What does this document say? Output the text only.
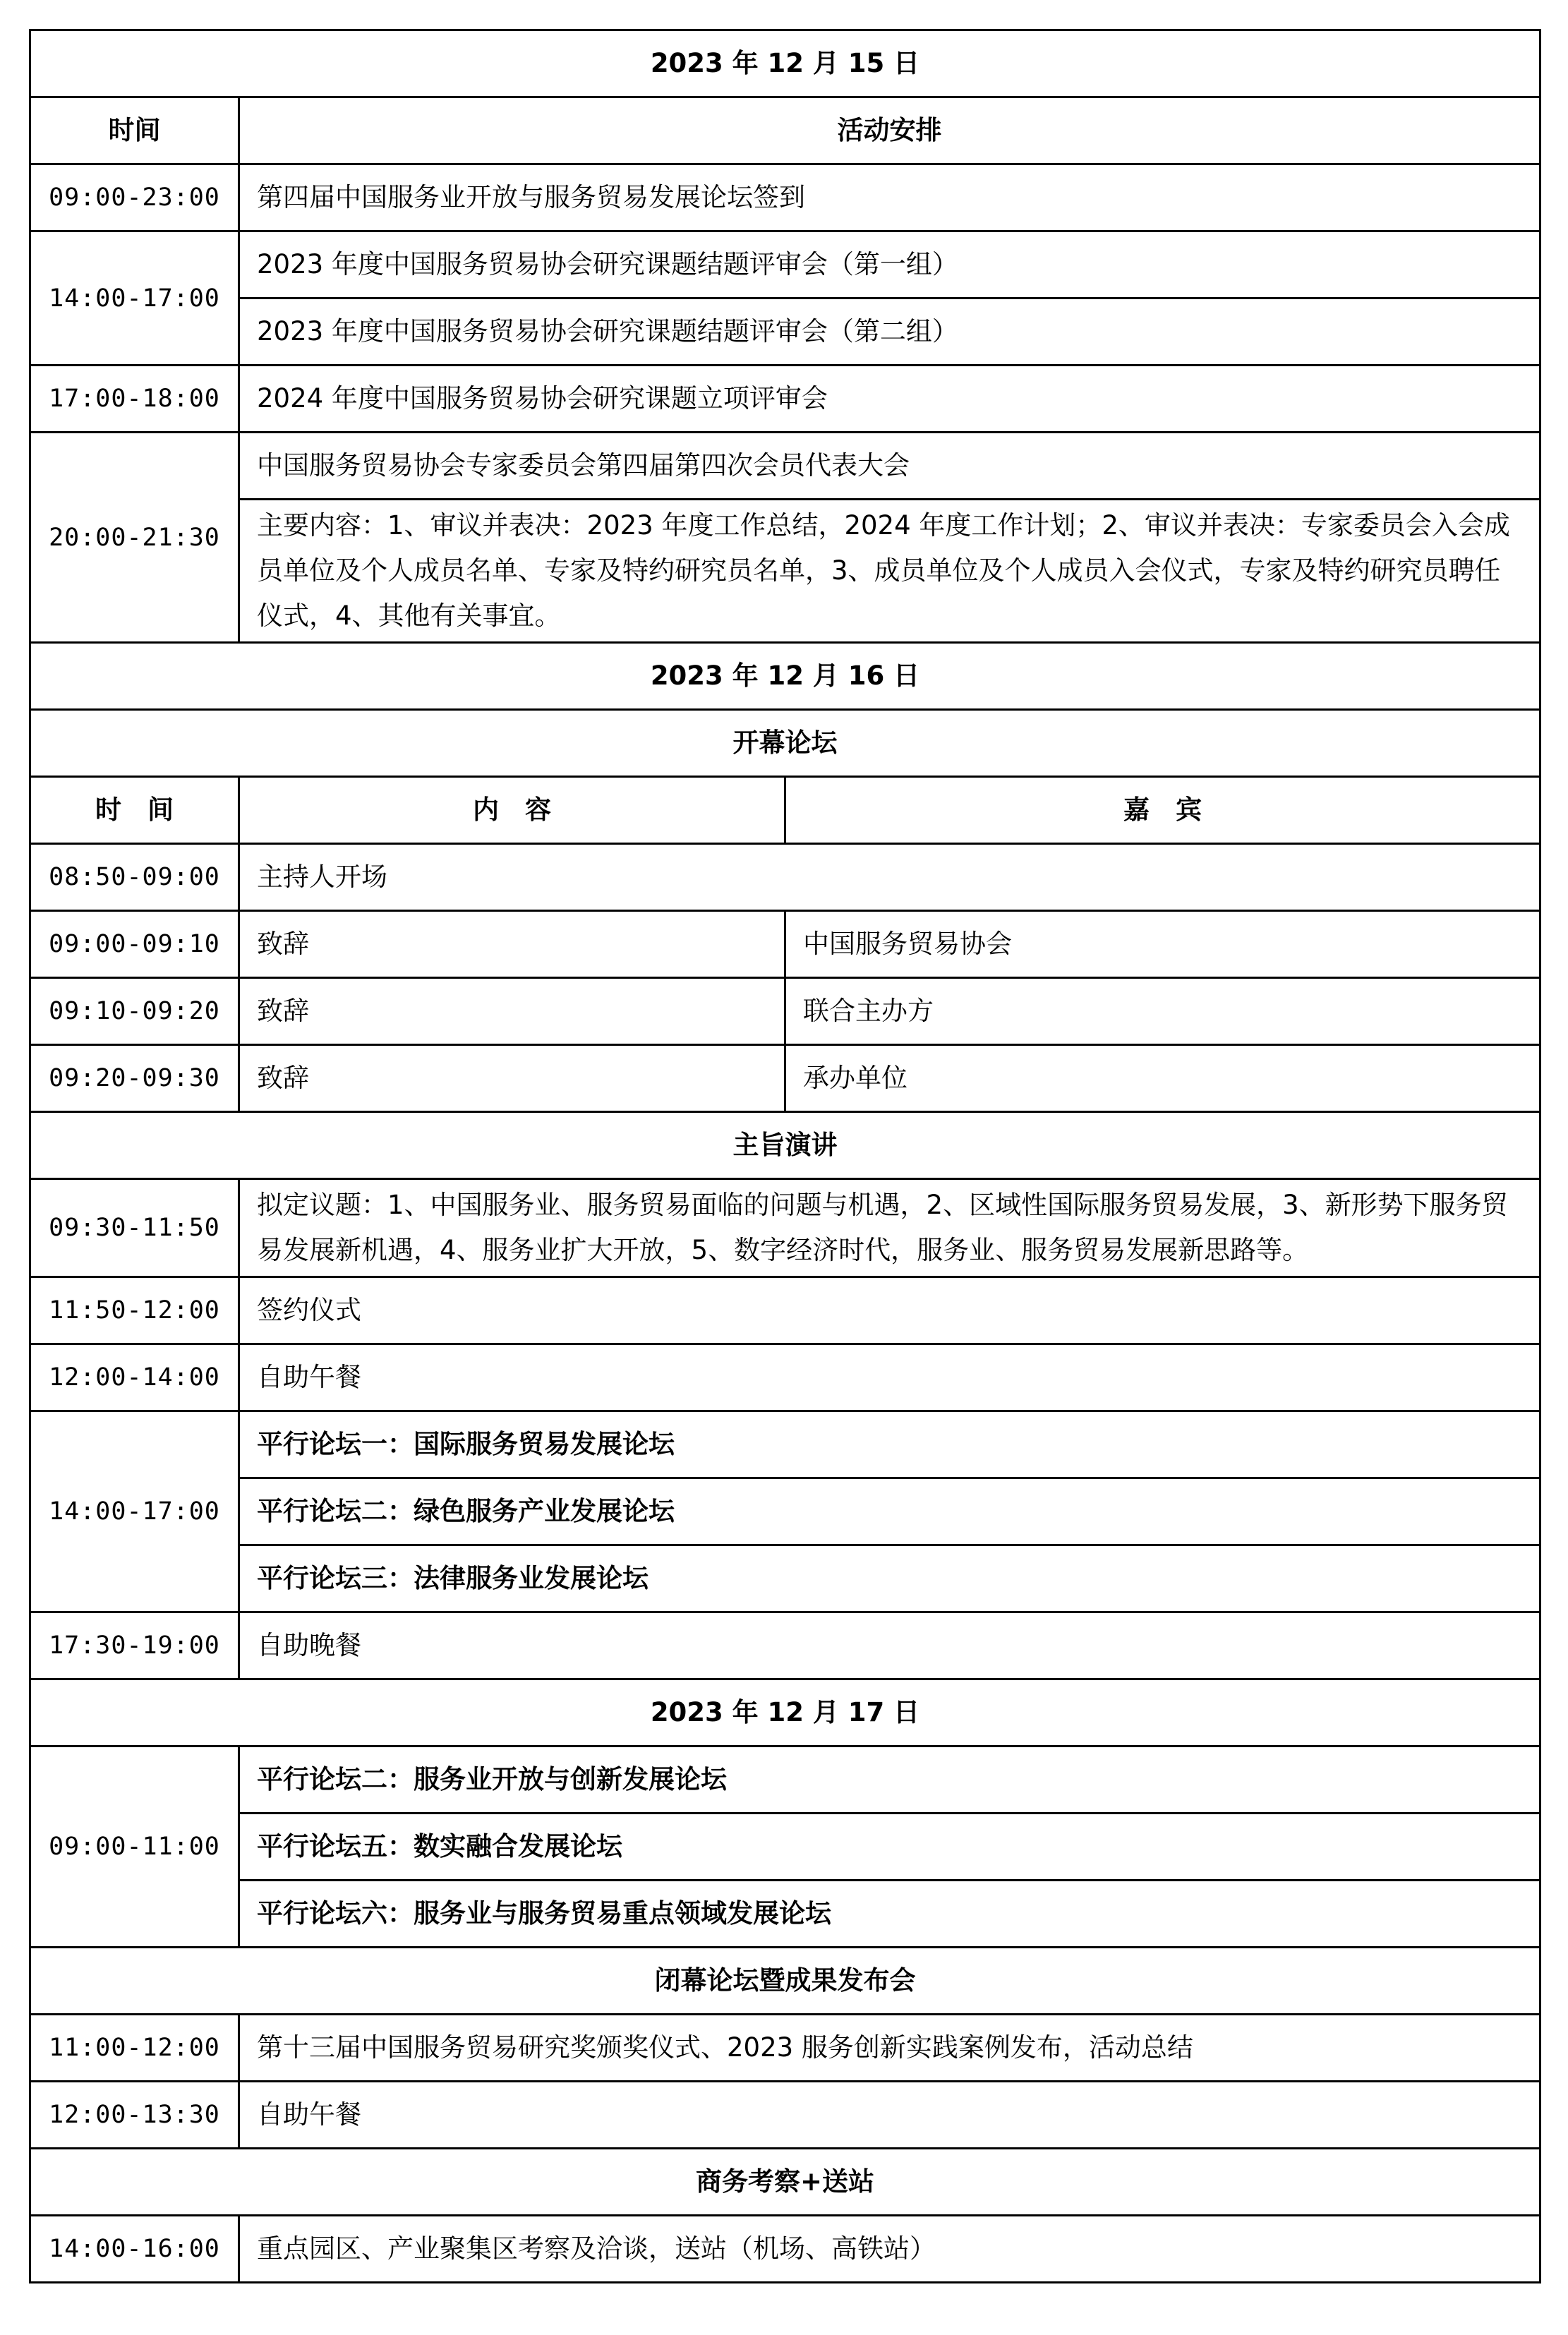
2023 年 12 月 15 日		
时间	活动安排	
09:00-23:00	第四届中国服务业开放与服务贸易发展论坛签到	
14:00-17:00	2023 年度中国服务贸易协会研究课题结题评审会（第一组）	
	2023 年度中国服务贸易协会研究课题结题评审会（第二组）	
17:00-18:00	2024 年度中国服务贸易协会研究课题立项评审会	
20:00-21:30	中国服务贸易协会专家委员会第四届第四次会员代表大会	
	主要内容：1、审议并表决：2023 年度工作总结，2024 年度工作计划；2、审议并表决：专家委员会入会成员单位及个人成员名单、专家及特约研究员名单，3、成员单位及个人成员入会仪式，专家及特约研究员聘任仪式，4、其他有关事宜。	
2023 年 12 月 16 日		
开幕论坛		
时　间	内　容	嘉　宾
08:50-09:00	主持人开场	
09:00-09:10	致辞	中国服务贸易协会
09:10-09:20	致辞	联合主办方
09:20-09:30	致辞	承办单位
主旨演讲		
09:30-11:50	拟定议题：1、中国服务业、服务贸易面临的问题与机遇，2、区域性国际服务贸易发展，3、新形势下服务贸易发展新机遇，4、服务业扩大开放，5、数字经济时代，服务业、服务贸易发展新思路等。	
11:50-12:00	签约仪式	
12:00-14:00	自助午餐	
14:00-17:00	平行论坛一：国际服务贸易发展论坛	
	平行论坛二：绿色服务产业发展论坛	
	平行论坛三：法律服务业发展论坛	
17:30-19:00	自助晚餐	
2023 年 12 月 17 日		
09:00-11:00	平行论坛二：服务业开放与创新发展论坛	
	平行论坛五：数实融合发展论坛	
	平行论坛六：服务业与服务贸易重点领域发展论坛	
闭幕论坛暨成果发布会		
11:00-12:00	第十三届中国服务贸易研究奖颁奖仪式、2023 服务创新实践案例发布，活动总结	
12:00-13:30	自助午餐	
商务考察+送站		
14:00-16:00	重点园区、产业聚集区考察及洽谈，送站（机场、高铁站）	
